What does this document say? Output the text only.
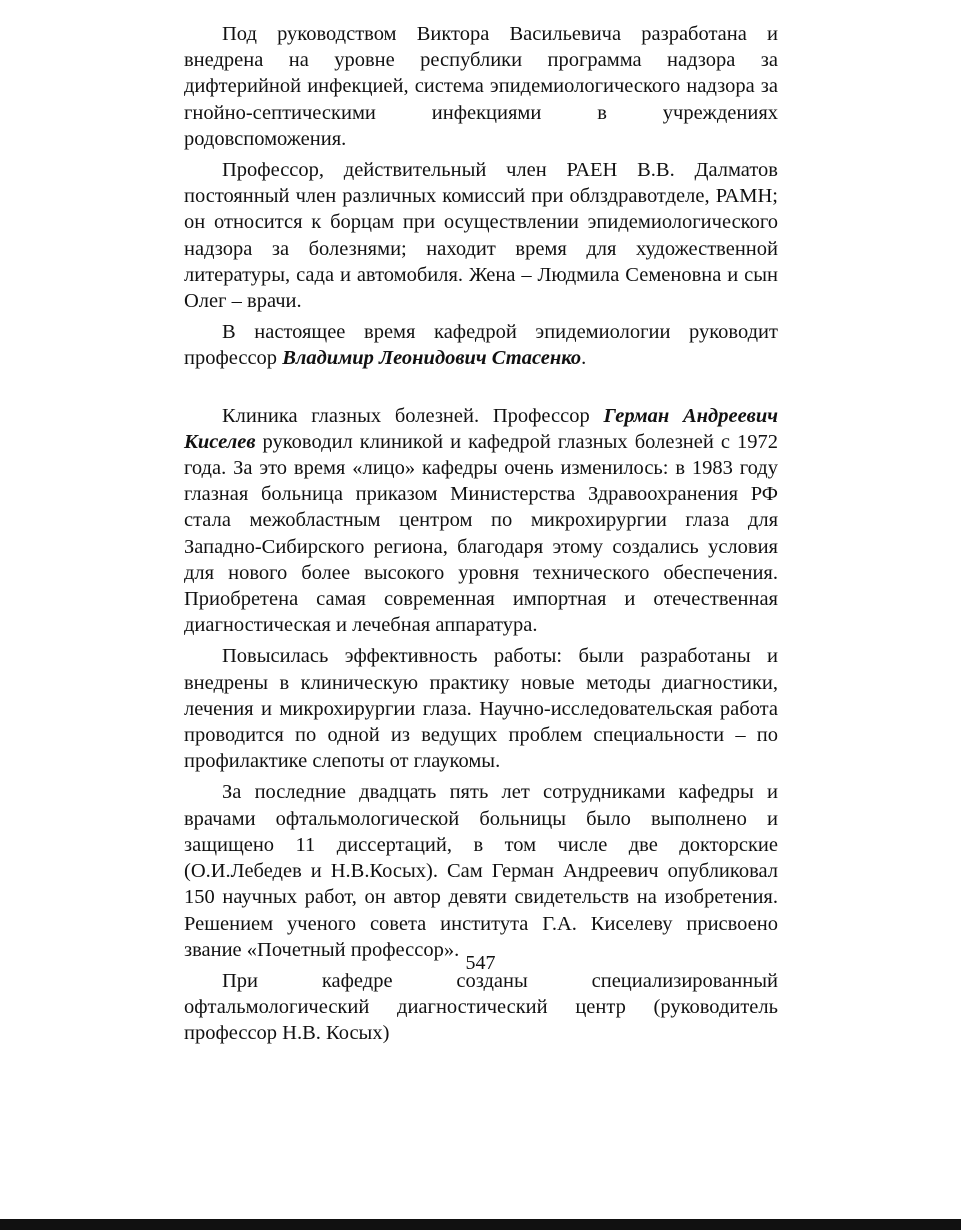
Под руководством Виктора Васильевича разработана и внедрена на уровне республики программа надзора за дифтерийной инфекцией, система эпидемиологического надзора за гнойно-септическими инфекциями в учреждениях родовспоможения.

Профессор, действительный член РАЕН В.В. Далматов постоянный член различных комиссий при облздравотделе, РАМН; он относится к борцам при осуществлении эпидемиологического надзора за болезнями; находит время для художественной литературы, сада и автомобиля. Жена – Людмила Семеновна и сын Олег – врачи.

В настоящее время кафедрой эпидемиологии руководит профессор Владимир Леонидович Стасенко.

Клиника глазных болезней. Профессор Герман Андреевич Киселев руководил клиникой и кафедрой глазных болезней с 1972 года. За это время «лицо» кафедры очень изменилось: в 1983 году глазная больница приказом Министерства Здравоохранения РФ стала межобластным центром по микрохирургии глаза для Западно-Сибирского региона, благодаря этому создались условия для нового более высокого уровня технического обеспечения. Приобретена самая современная импортная и отечественная диагностическая и лечебная аппаратура.

Повысилась эффективность работы: были разработаны и внедрены в клиническую практику новые методы диагностики, лечения и микрохирургии глаза. Научно-исследовательская работа проводится по одной из ведущих проблем специальности – по профилактике слепоты от глаукомы.

За последние двадцать пять лет сотрудниками кафедры и врачами офтальмологической больницы было выполнено и защищено 11 диссертаций, в том числе две докторские (О.И.Лебедев и Н.В.Косых). Сам Герман Андреевич опубликовал 150 научных работ, он автор девяти свидетельств на изобретения. Решением ученого совета института Г.А. Киселеву присвоено звание «Почетный профессор».

При кафедре созданы специализированный офтальмологический диагностический центр (руководитель профессор Н.В. Косых)

547
